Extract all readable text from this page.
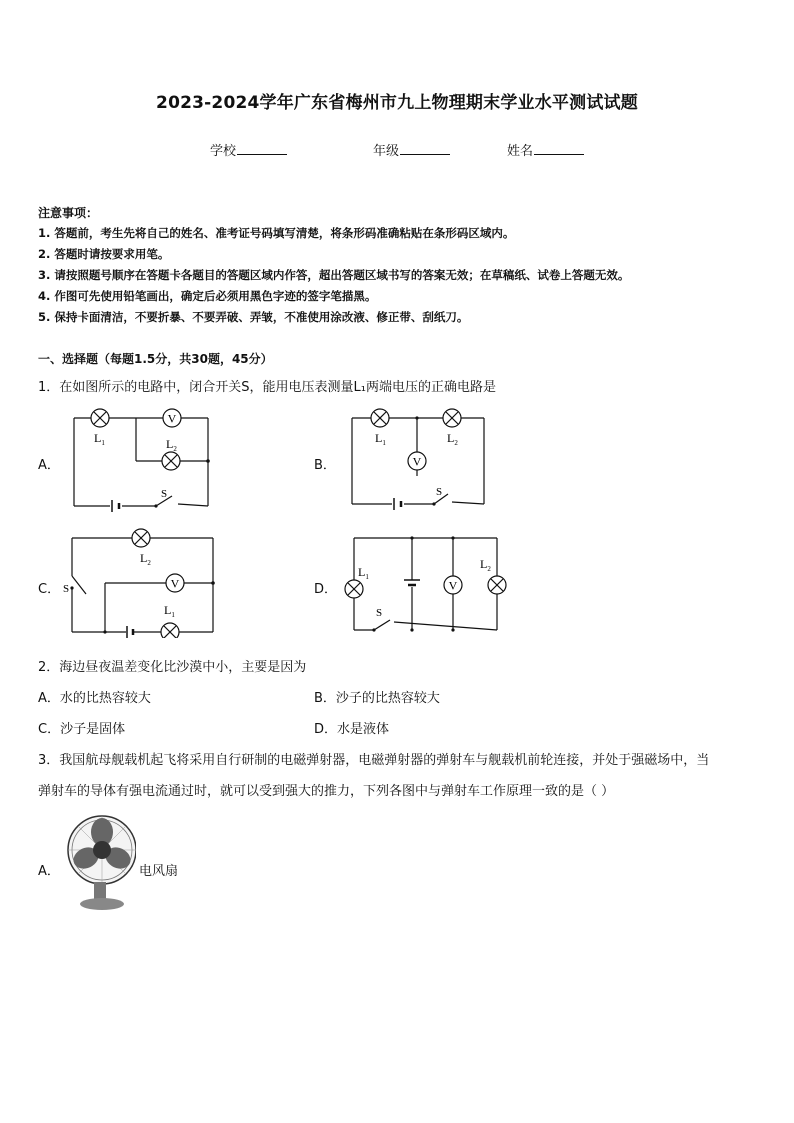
2023-2024学年广东省梅州市九上物理期末学业水平测试试题
学校	年级	姓名
注意事项：
1. 答题前，考生先将自己的姓名、准考证号码填写清楚，将条形码准确粘贴在条形码区域内。
2. 答题时请按要求用笔。
3. 请按照题号顺序在答题卡各题目的答题区域内作答，超出答题区域书写的答案无效；在草稿纸、试卷上答题无效。
4. 作图可先使用铅笔画出，确定后必须用黑色字迹的签字笔描黑。
5. 保持卡面清洁，不要折暴、不要弄破、弄皱，不准使用涂改液、修正带、刮纸刀。
一、选择题（每题1.5分，共30题，45分）
1．在如图所示的电路中，闭合开关S，能用电压表测量L₁两端电压的正确电路是
A．	B．
C．	D．
V
$L_1$	$L_2$
S
V
$L_1$	$L_2$
S
V
$L_2$
$L_1$
S	V
$L_1$
$L_2$
S
2．海边昼夜温差变化比沙漠中小，主要是因为
A．水的比热容较大	B．沙子的比热容较大
C．沙子是固体	D．水是液体
3．我国航母舰载机起飞将采用自行研制的电磁弹射器，电磁弹射器的弹射车与舰载机前轮连接，并处于强磁场中，当
弹射车的导体有强电流通过时，就可以受到强大的推力，下列各图中与弹射车工作原理一致的是（ ）
A．	电风扇
